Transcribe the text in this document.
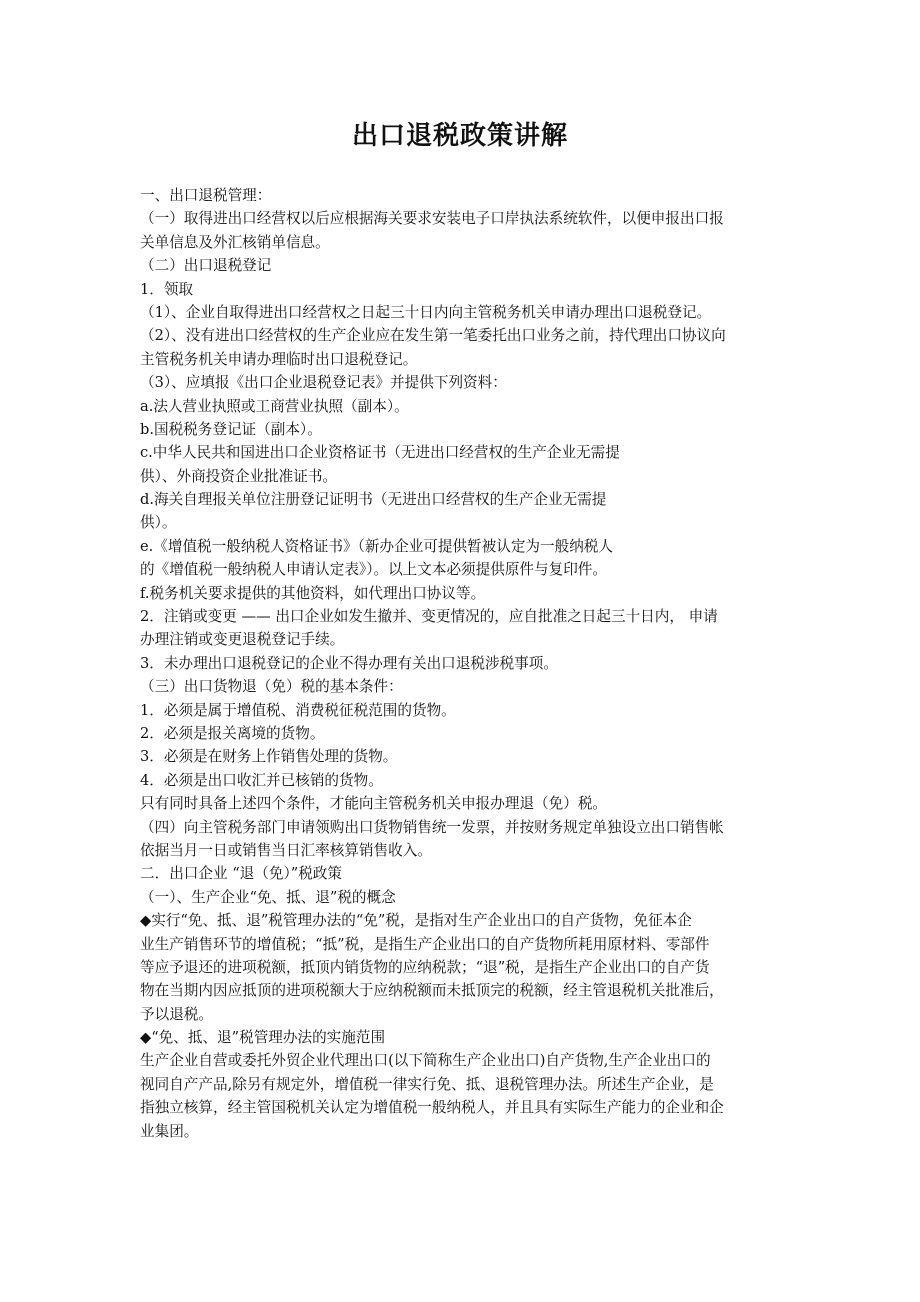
出口退税政策讲解
一、出口退税管理：
（一）取得进出口经营权以后应根据海关要求安装电子口岸执法系统软件，以便申报出口报
关单信息及外汇核销单信息。
（二）出口退税登记
1．领取
（1）、企业自取得进出口经营权之日起三十日内向主管税务机关申请办理出口退税登记。
（2）、没有进出口经营权的生产企业应在发生第一笔委托出口业务之前，持代理出口协议向
主管税务机关申请办理临时出口退税登记。
（3）、应填报《出口企业退税登记表》并提供下列资料：
a.法人营业执照或工商营业执照（副本）。
b.国税税务登记证（副本）。
c.中华人民共和国进出口企业资格证书（无进出口经营权的生产企业无需提
供）、外商投资企业批准证书。
d.海关自理报关单位注册登记证明书（无进出口经营权的生产企业无需提
供）。
e.《增值税一般纳税人资格证书》（新办企业可提供暂被认定为一般纳税人
的《增值税一般纳税人申请认定表》）。以上文本必须提供原件与复印件。
f.税务机关要求提供的其他资料，如代理出口协议等。
2．注销或变更 —— 出口企业如发生撤并、变更情况的，应自批准之日起三十日内， 申请
办理注销或变更退税登记手续。
3．未办理出口退税登记的企业不得办理有关出口退税涉税事项。
（三）出口货物退（免）税的基本条件：
1．必须是属于增值税、消费税征税范围的货物。
2．必须是报关离境的货物。
3．必须是在财务上作销售处理的货物。
4．必须是出口收汇并已核销的货物。
只有同时具备上述四个条件，才能向主管税务机关申报办理退（免）税。
（四）向主管税务部门申请领购出口货物销售统一发票，并按财务规定单独设立出口销售帐
依据当月一日或销售当日汇率核算销售收入。
二．出口企业 “退（免）”税政策
（一）、生产企业“免、抵、退”税的概念
◆实行“免、抵、退”税管理办法的“免”税，是指对生产企业出口的自产货物，免征本企
业生产销售环节的增值税；“抵”税，是指生产企业出口的自产货物所耗用原材料、零部件
等应予退还的进项税额，抵顶内销货物的应纳税款；“退”税，是指生产企业出口的自产货
物在当期内因应抵顶的进项税额大于应纳税额而未抵顶完的税额，经主管退税机关批准后，
予以退税。
◆“免、抵、退”税管理办法的实施范围
生产企业自营或委托外贸企业代理出口(以下简称生产企业出口)自产货物,生产企业出口的
视同自产产品,除另有规定外，增值税一律实行免、抵、退税管理办法。所述生产企业，是
指独立核算，经主管国税机关认定为增值税一般纳税人，并且具有实际生产能力的企业和企
业集团。
